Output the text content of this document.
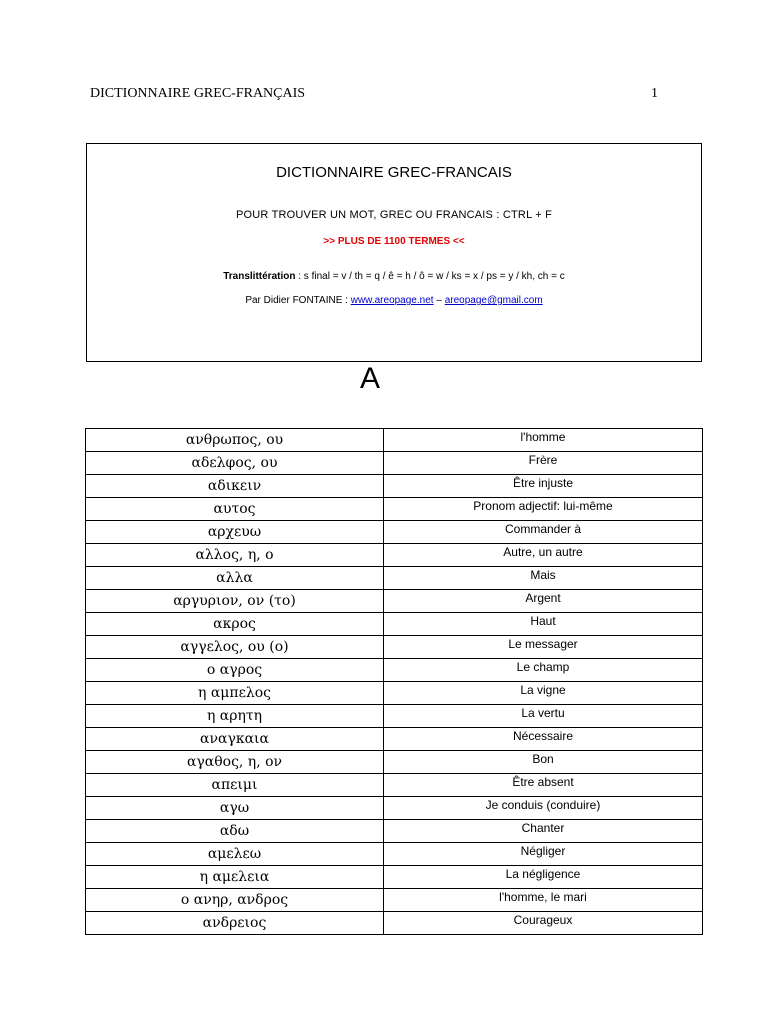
DICTIONNAIRE GREC-FRANÇAIS	1
DICTIONNAIRE GREC-FRANCAIS
POUR TROUVER UN MOT, GREC OU FRANCAIS : CTRL + F
>> PLUS DE 1100 TERMES <<
Translittération : s final = v / th = q / ê = h / ô = w / ks = x / ps = y / kh, ch = c
Par Didier FONTAINE : www.areopage.net – areopage@gmail.com
A
ανθρωπος, ου	l'homme
αδελφος, ου	Frère
αδικειν	Être injuste
αυτος	Pronom adjectif: lui-même
αρχευω	Commander à
αλλος, η, ο	Autre, un autre
αλλα	Mais
αργυριον, ον (το)	Argent
ακρος	Haut
αγγελος, ου (ο)	Le messager
ο αγρος	Le champ
η αμπελος	La vigne
η αρητη	La vertu
αναγκαια	Nécessaire
αγαθος, η, ον	Bon
απειμι	Être absent
αγω	Je conduis (conduire)
αδω	Chanter
αμελεω	Négliger
η αμελεια	La négligence
ο ανηρ, ανδρος	l'homme, le mari
ανδρειος	Courageux
